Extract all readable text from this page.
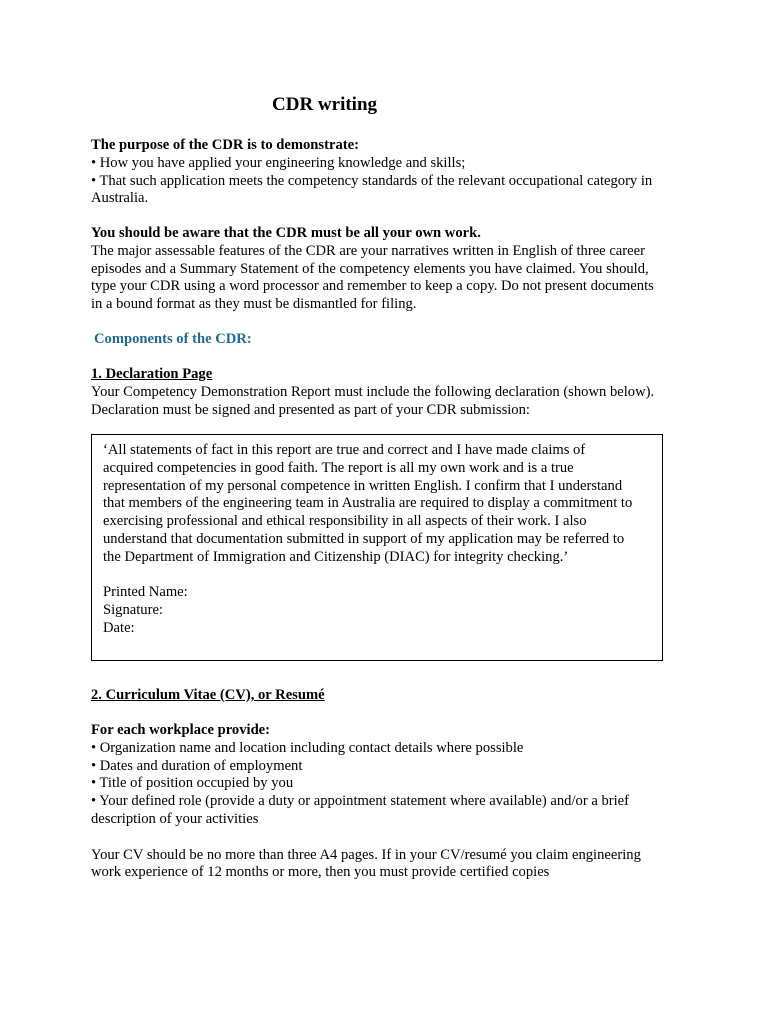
CDR writing
The purpose of the CDR is to demonstrate:
• How you have applied your engineering knowledge and skills;
• That such application meets the competency standards of the relevant occupational category in
Australia.
You should be aware that the CDR must be all your own work.
The major assessable features of the CDR are your narratives written in English of three career
episodes and a Summary Statement of the competency elements you have claimed. You should,
type your CDR using a word processor and remember to keep a copy. Do not present documents
in a bound format as they must be dismantled for filing.
Components of the CDR:
1. Declaration Page
Your Competency Demonstration Report must include the following declaration (shown below).
Declaration must be signed and presented as part of your CDR submission:
‘All statements of fact in this report are true and correct and I have made claims of
acquired competencies in good faith. The report is all my own work and is a true
representation of my personal competence in written English. I confirm that I understand
that members of the engineering team in Australia are required to display a commitment to
exercising professional and ethical responsibility in all aspects of their work. I also
understand that documentation submitted in support of my application may be referred to
the Department of Immigration and Citizenship (DIAC) for integrity checking.’
Printed Name:
Signature:
Date:
2. Curriculum Vitae (CV), or Resumé
For each workplace provide:
• Organization name and location including contact details where possible
• Dates and duration of employment
• Title of position occupied by you
• Your defined role (provide a duty or appointment statement where available) and/or a brief
description of your activities
Your CV should be no more than three A4 pages. If in your CV/resumé you claim engineering
work experience of 12 months or more, then you must provide certified copies
